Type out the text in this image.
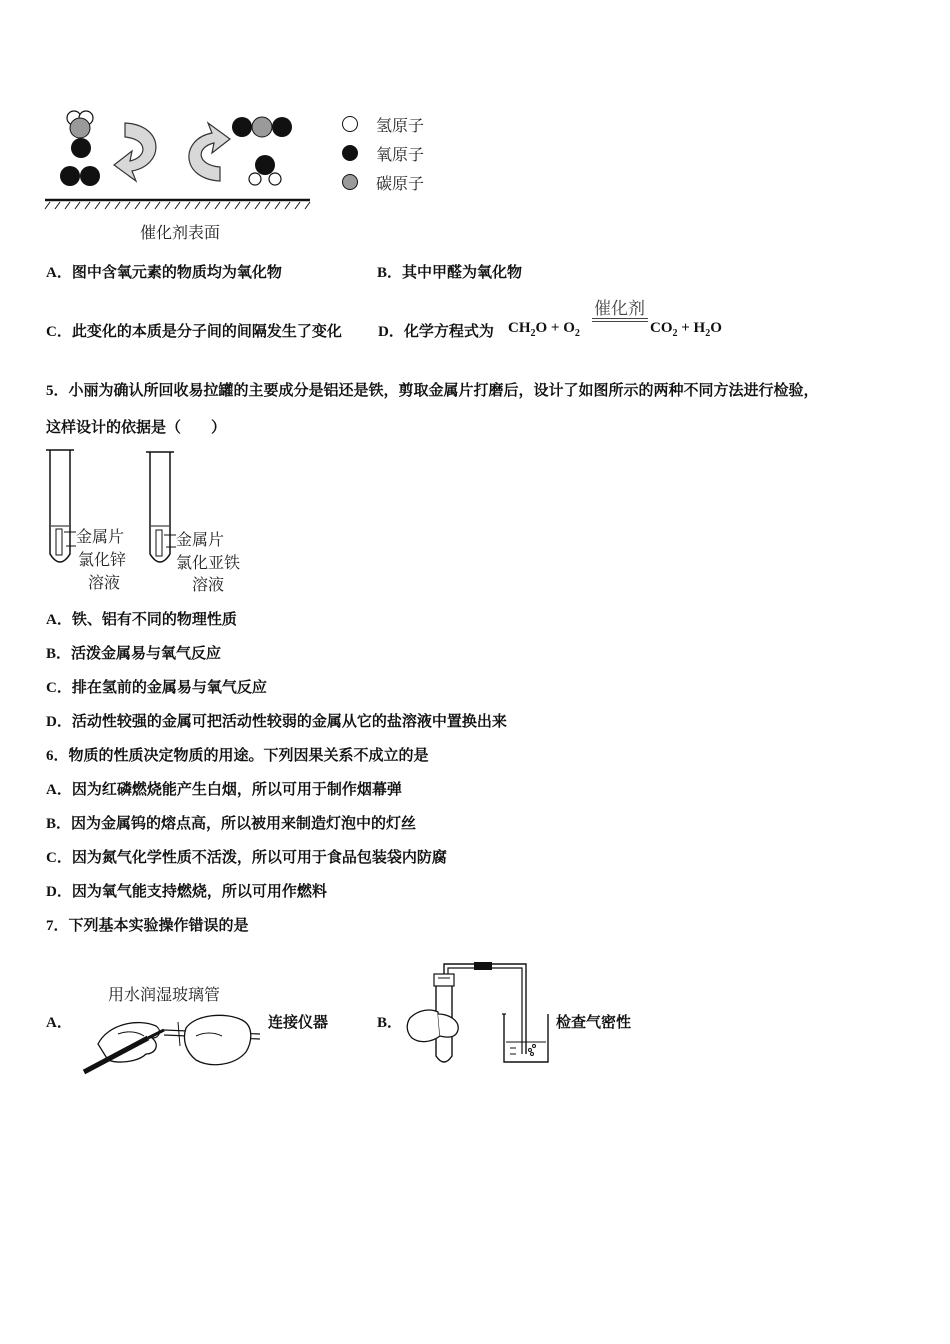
氢原子
氧原子
碳原子
催化剂表面
A．图中含氧元素的物质均为氧化物	B．其中甲醛为氧化物
C．此变化的本质是分子间的间隔发生了变化 D．化学方程式为 $CH_2O + O_2$
催化剂
$CO_2 + H_2O$
5．小丽为确认所回收易拉罐的主要成分是铝还是铁，剪取金属片打磨后，设计了如图所示的两种不同方法进行检验，
这样设计的依据是（　　）
金属片
氯化锌
溶液
金属片
氯化亚铁
溶液
A．铁、铝有不同的物理性质
B．活泼金属易与氧气反应
C．排在氢前的金属易与氧气反应
D．活动性较强的金属可把活动性较弱的金属从它的盐溶液中置换出来
6．物质的性质决定物质的用途。下列因果关系不成立的是
A．因为红磷燃烧能产生白烟，所以可用于制作烟幕弹
B．因为金属钨的熔点高，所以被用来制造灯泡中的灯丝
C．因为氮气化学性质不活泼，所以可用于食品包装袋内防腐
D．因为氧气能支持燃烧，所以可用作燃料
7．下列基本实验操作错误的是
A．
用水润湿玻璃管
连接仪器	B．	检查气密性
